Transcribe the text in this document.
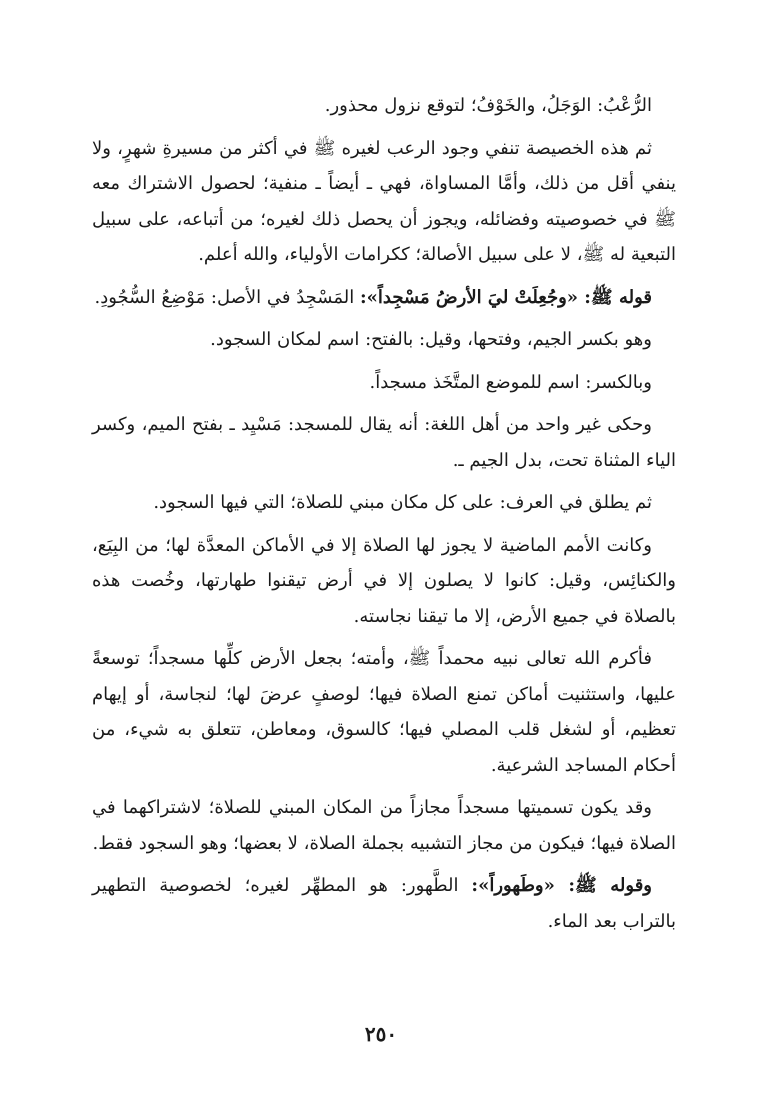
الرُّعْبُ: الوَجَلُ، والخَوْفُ؛ لتوقع نزول محذور.

ثم هذه الخصيصة تنفي وجود الرعب لغيره ﷺ في أكثر من مسيرةِ شهرٍ، ولا ينفي أقل من ذلك، وأمَّا المساواة، فهي ـ أيضاً ـ منفية؛ لحصول الاشتراك معه ﷺ في خصوصيته وفضائله، ويجوز أن يحصل ذلك لغيره؛ من أتباعه، على سبيل التبعية له ﷺ، لا على سبيل الأصالة؛ ككرامات الأولياء، والله أعلم.

قوله ﷺ: «وجُعِلَتْ ليَ الأرضُ مَسْجِداً»: المَسْجِدُ في الأصل: مَوْضِعُ السُّجُودِ.

وهو بكسر الجيم، وفتحها، وقيل: بالفتح: اسم لمكان السجود.

وبالكسر: اسم للموضع المتَّخَذ مسجداً.

وحكى غير واحد من أهل اللغة: أنه يقال للمسجد: مَسْيِد ـ بفتح الميم، وكسر الياء المثناة تحت، بدل الجيم ـ.

ثم يطلق في العرف: على كل مكان مبني للصلاة؛ التي فيها السجود.

وكانت الأمم الماضية لا يجوز لها الصلاة إلا في الأماكن المعدَّة لها؛ من البِيَع، والكنائِس، وقيل: كانوا لا يصلون إلا في أرض تيقنوا طهارتها، وخُصت هذه بالصلاة في جميع الأرض، إلا ما تيقنا نجاسته.

فأكرم الله تعالى نبيه محمداً ﷺ، وأمته؛ بجعل الأرض كلِّها مسجداً؛ توسعةً عليها، واستثنيت أماكن تمنع الصلاة فيها؛ لوصفٍ عرضَ لها؛ لنجاسة، أو إيهام تعظيم، أو لشغل قلب المصلي فيها؛ كالسوق، ومعاطن، تتعلق به شيء، من أحكام المساجد الشرعية.

وقد يكون تسميتها مسجداً مجازاً من المكان المبني للصلاة؛ لاشتراكهما في الصلاة فيها؛ فيكون من مجاز التشبيه بجملة الصلاة، لا بعضها؛ وهو السجود فقط.

وقوله ﷺ: «وطَهوراً»: الطَّهور: هو المطهِّر لغيره؛ لخصوصية التطهير بالتراب بعد الماء.

٢٥٠
